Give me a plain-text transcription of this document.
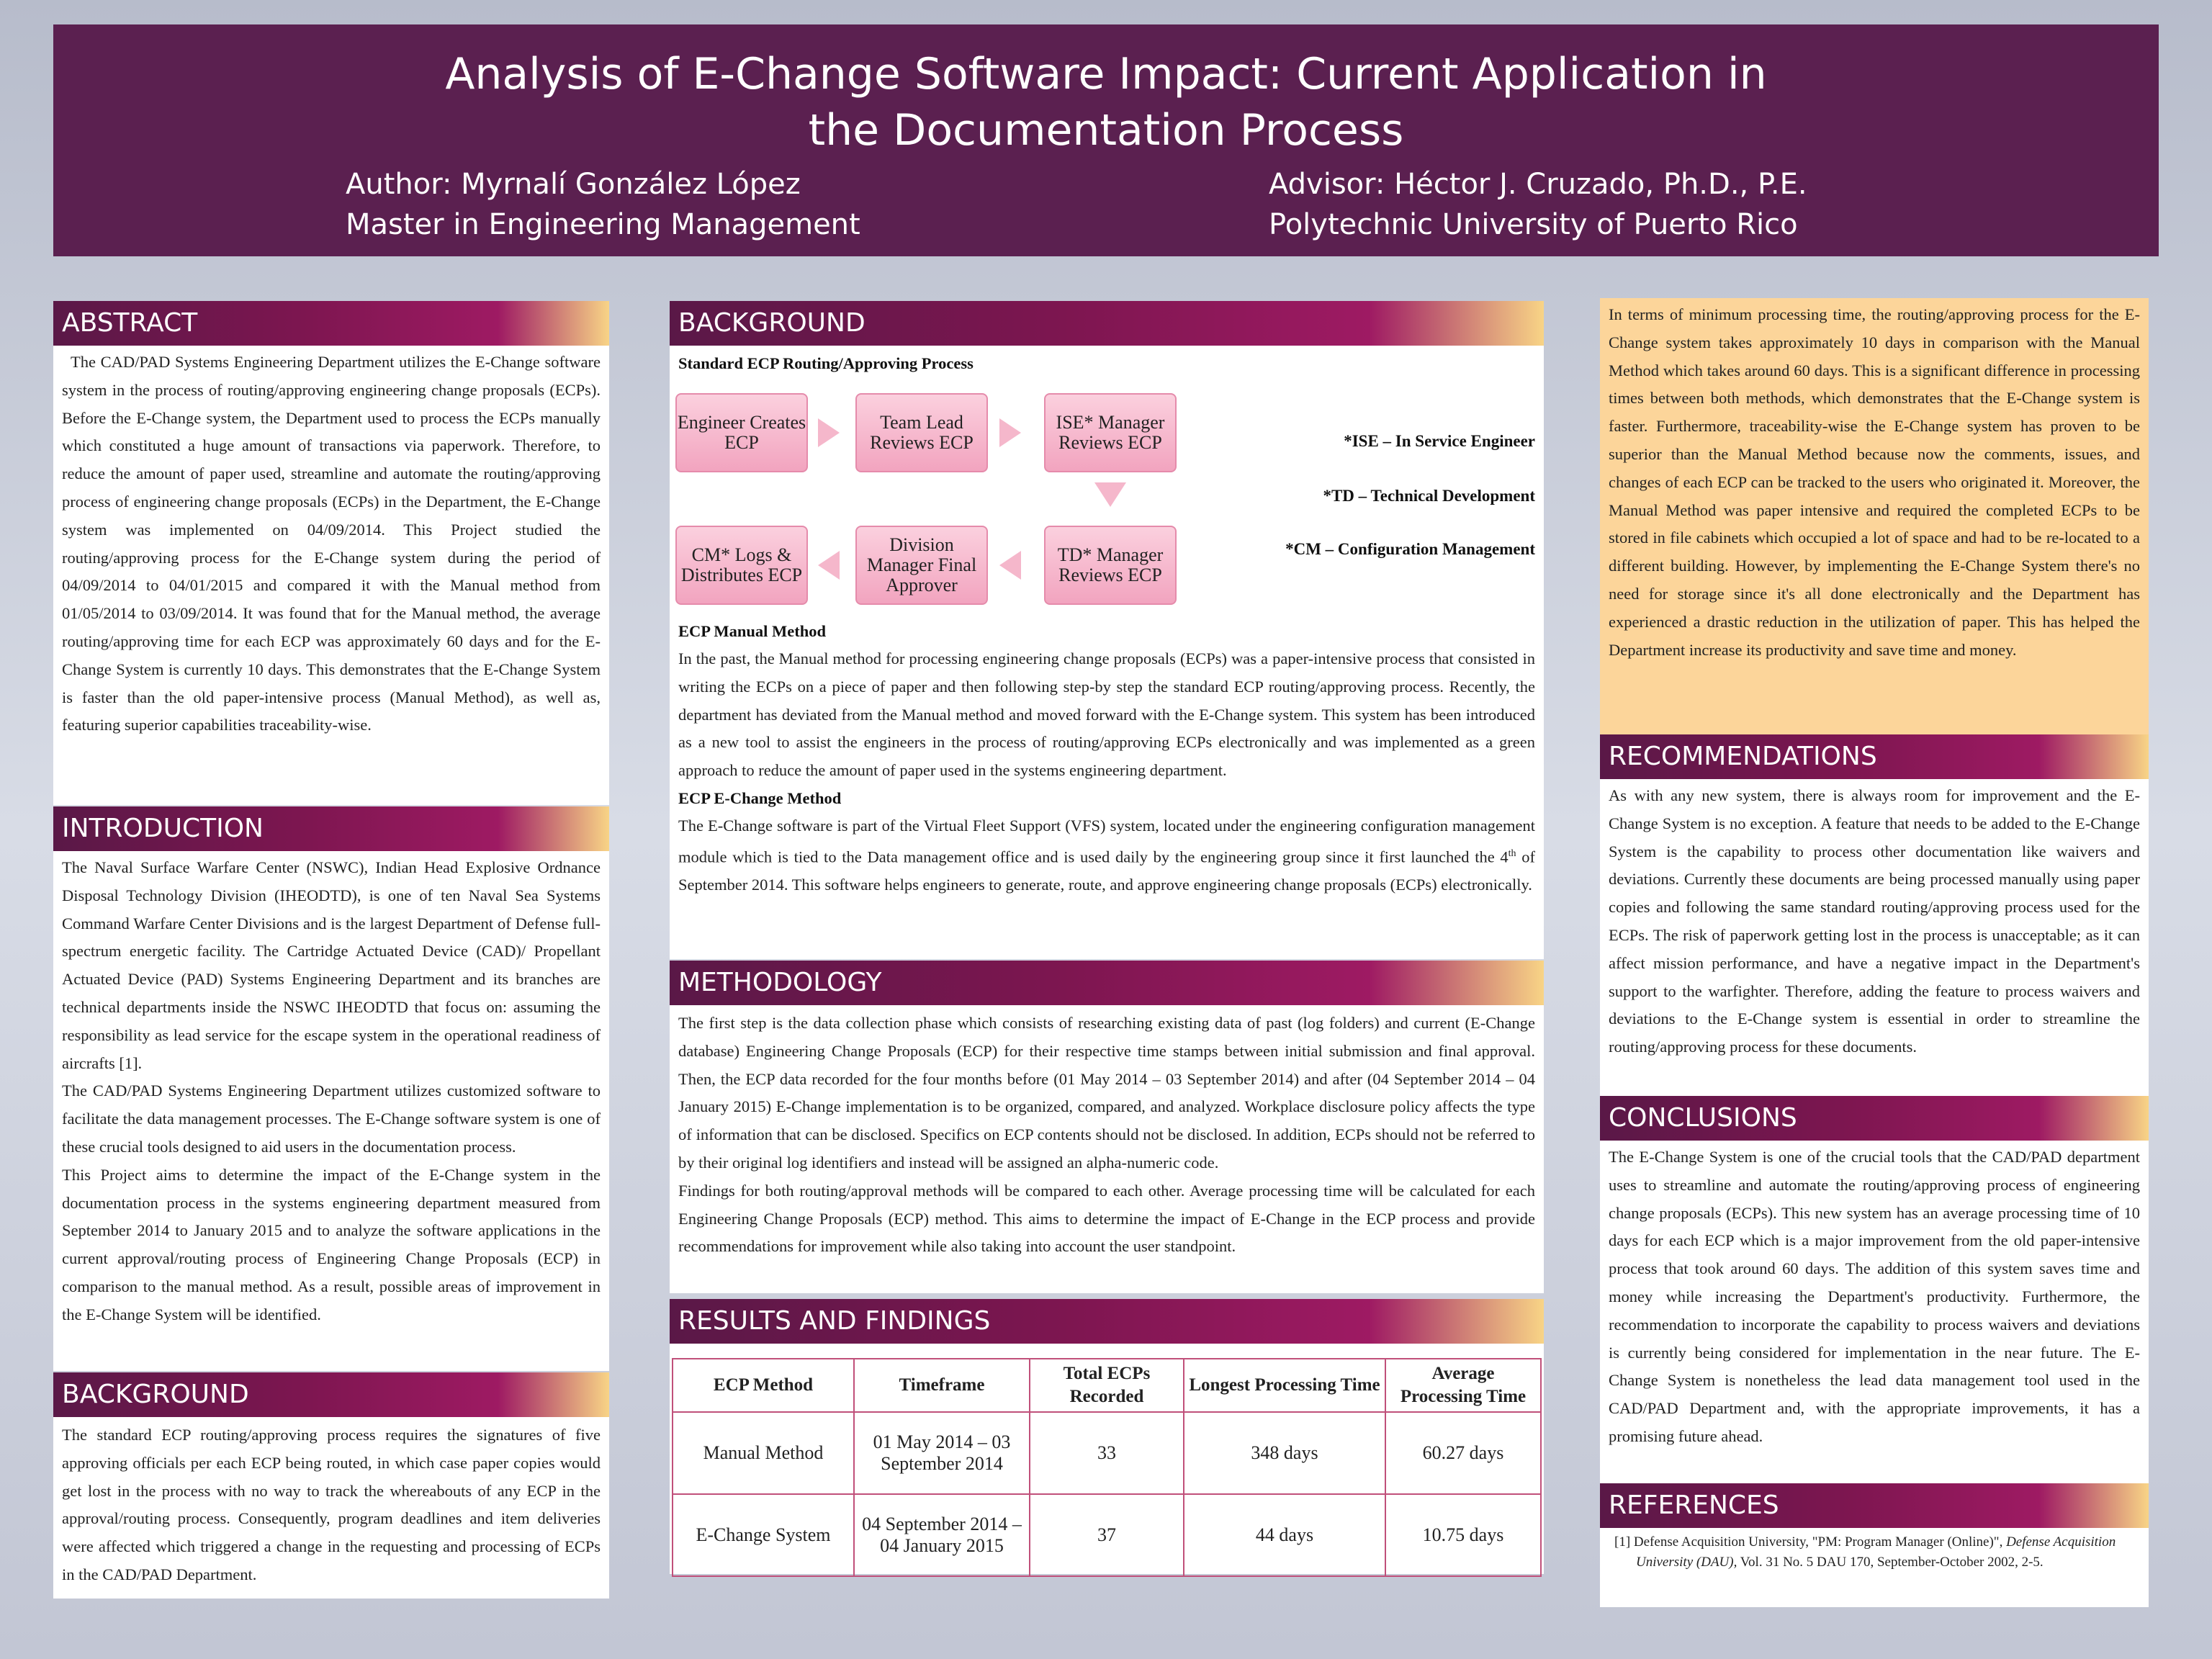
Analysis of E-Change Software Impact: Current Application in
the Documentation Process
Author: Myrnalí González López
Master in Engineering Management
Advisor: Héctor J. Cruzado, Ph.D., P.E.
Polytechnic University of Puerto Rico
ABSTRACT

The CAD/PAD Systems Engineering Department utilizes the E-Change software system in the process of routing/approving engineering change proposals (ECPs). Before the E-Change system, the Department used to process the ECPs manually which constituted a huge amount of transactions via paperwork. Therefore, to reduce the amount of paper used, streamline and automate the routing/approving process of engineering change proposals (ECPs) in the Department, the E-Change system was implemented on 04/09/2014. This Project studied the routing/approving process for the E-Change system during the period of 04/09/2014 to 04/01/2015 and compared it with the Manual method from 01/05/2014 to 03/09/2014. It was found that for the Manual method, the average routing/approving time for each ECP was approximately 60 days and for the E-Change System is currently 10 days. This demonstrates that the E-Change System is faster than the old paper-intensive process (Manual Method), as well as, featuring superior capabilities traceability-wise.

INTRODUCTION

The Naval Surface Warfare Center (NSWC), Indian Head Explosive Ordnance Disposal Technology Division (IHEODTD), is one of ten Naval Sea Systems Command Warfare Center Divisions and is the largest Department of Defense full-spectrum energetic facility. The Cartridge Actuated Device (CAD)/ Propellant Actuated Device (PAD) Systems Engineering Department and its branches are technical departments inside the NSWC IHEODTD that focus on: assuming the responsibility as lead service for the escape system in the operational readiness of aircrafts [1].

The CAD/PAD Systems Engineering Department utilizes customized software to facilitate the data management processes. The E-Change software system is one of these crucial tools designed to aid users in the documentation process.

This Project aims to determine the impact of the E-Change system in the documentation process in the systems engineering department measured from September 2014 to January 2015 and to analyze the software applications in the current approval/routing process of Engineering Change Proposals (ECP) in comparison to the manual method. As a result, possible areas of improvement in the E-Change System will be identified.

BACKGROUND

The standard ECP routing/approving process requires the signatures of five approving officials per each ECP being routed, in which case paper copies would get lost in the process with no way to track the whereabouts of any ECP in the approval/routing process. Consequently, program deadlines and item deliveries were affected which triggered a change in the requesting and processing of ECPs in the CAD/PAD Department.

BACKGROUND

Standard ECP Routing/Approving Process

Engineer Creates ECP
Team Lead Reviews ECP
ISE* Manager Reviews ECP
TD* Manager Reviews ECP
Division Manager Final Approver
CM* Logs & Distributes ECP
*ISE – In Service Engineer
*TD – Technical Development
*CM – Configuration Management

ECP Manual Method

In the past, the Manual method for processing engineering change proposals (ECPs) was a paper-intensive process that consisted in writing the ECPs on a piece of paper and then following step-by step the standard ECP routing/approving process. Recently, the department has deviated from the Manual method and moved forward with the E-Change system. This system has been introduced as a new tool to assist the engineers in the process of routing/approving ECPs electronically and was implemented as a green approach to reduce the amount of paper used in the systems engineering department.

ECP E-Change Method

The E-Change software is part of the Virtual Fleet Support (VFS) system, located under the engineering configuration management module which is tied to the Data management office and is used daily by the engineering group since it first launched the 4th of September 2014. This software helps engineers to generate, route, and approve engineering change proposals (ECPs) electronically.

METHODOLOGY

The first step is the data collection phase which consists of researching existing data of past (log folders) and current (E-Change database) Engineering Change Proposals (ECP) for their respective time stamps between initial submission and final approval. Then, the ECP data recorded for the four months before (01 May 2014 – 03 September 2014) and after (04 September 2014 – 04 January 2015) E-Change implementation is to be organized, compared, and analyzed. Workplace disclosure policy affects the type of information that can be disclosed. Specifics on ECP contents should not be disclosed. In addition, ECPs should not be referred to by their original log identifiers and instead will be assigned an alpha-numeric code.

Findings for both routing/approval methods will be compared to each other. Average processing time will be calculated for each Engineering Change Proposals (ECP) method. This aims to determine the impact of E-Change in the ECP process and provide recommendations for improvement while also taking into account the user standpoint.

RESULTS AND FINDINGS
ECP Method	Timeframe	Total ECPs Recorded	Longest Processing Time	Average Processing Time
Manual Method	01 May 2014 – 03 September 2014	33	348 days	60.27 days
E-Change System	04 September 2014 – 04 January 2015	37	44 days	10.75 days

In terms of minimum processing time, the routing/approving process for the E-Change system takes approximately 10 days in comparison with the Manual Method which takes around 60 days. This is a significant difference in processing times between both methods, which demonstrates that the E-Change system is faster. Furthermore, traceability-wise the E-Change system has proven to be superior than the Manual Method because now the comments, issues, and changes of each ECP can be tracked to the users who originated it. Moreover, the Manual Method was paper intensive and required the completed ECPs to be stored in file cabinets which occupied a lot of space and had to be re-located to a different building. However, by implementing the E-Change System there's no need for storage since it's all done electronically and the Department has experienced a drastic reduction in the utilization of paper. This has helped the Department increase its productivity and save time and money.

RECOMMENDATIONS

As with any new system, there is always room for improvement and the E-Change System is no exception. A feature that needs to be added to the E-Change System is the capability to process other documentation like waivers and deviations. Currently these documents are being processed manually using paper copies and following the same standard routing/approving process used for the ECPs. The risk of paperwork getting lost in the process is unacceptable; as it can affect mission performance, and have a negative impact in the Department's support to the warfighter. Therefore, adding the feature to process waivers and deviations to the E-Change system is essential in order to streamline the routing/approving process for these documents.

CONCLUSIONS

The E-Change System is one of the crucial tools that the CAD/PAD department uses to streamline and automate the routing/approving process of engineering change proposals (ECPs). This new system has an average processing time of 10 days for each ECP which is a major improvement from the old paper-intensive process that took around 60 days. The addition of this system saves time and money while increasing the Department's productivity. Furthermore, the recommendation to incorporate the capability to process waivers and deviations is currently being considered for implementation in the near future. The E-Change System is nonetheless the lead data management tool used in the CAD/PAD Department and, with the appropriate improvements, it has a promising future ahead.

REFERENCES

[1] Defense Acquisition University, "PM: Program Manager (Online)", Defense Acquisition University (DAU), Vol. 31 No. 5 DAU 170, September-October 2002, 2-5.
